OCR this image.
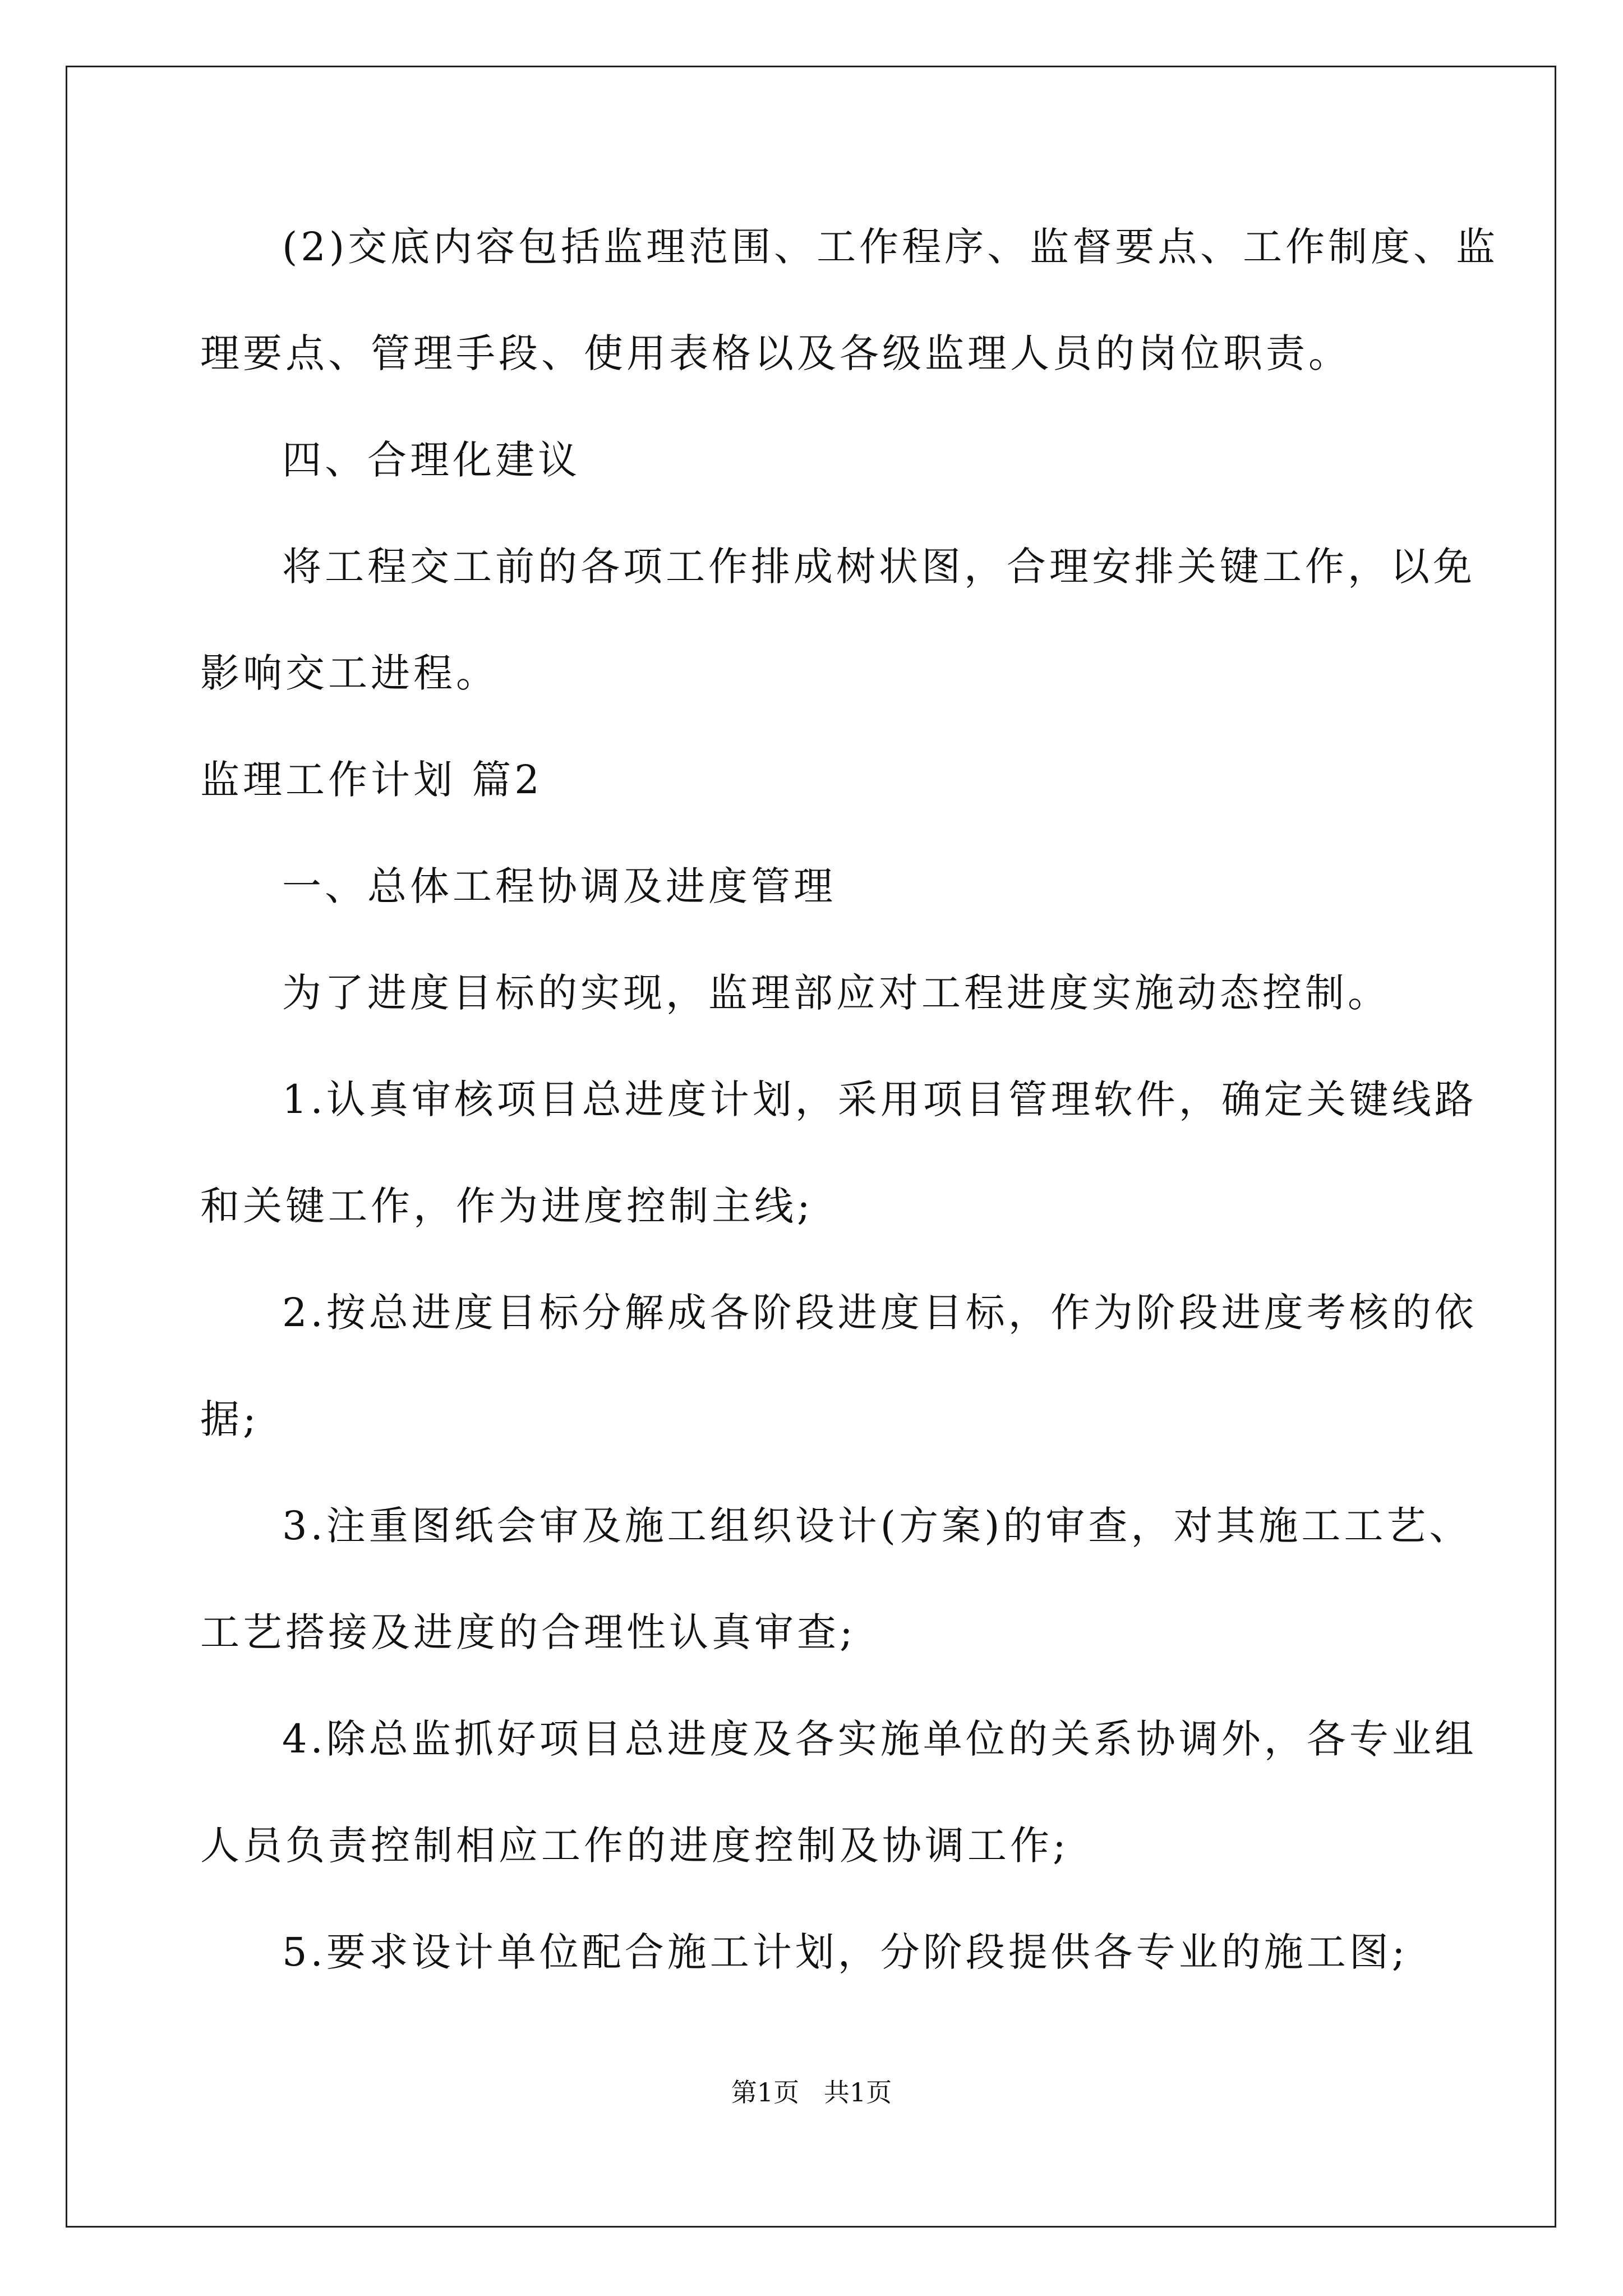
(2)交底内容包括监理范围、工作程序、监督要点、工作制度、监
理要点、管理手段、使用表格以及各级监理人员的岗位职责。
四、合理化建议
将工程交工前的各项工作排成树状图，合理安排关键工作，以免
影响交工进程。
监理工作计划 篇2
一、总体工程协调及进度管理
为了进度目标的实现，监理部应对工程进度实施动态控制。
1.认真审核项目总进度计划，采用项目管理软件，确定关键线路
和关键工作，作为进度控制主线;
2.按总进度目标分解成各阶段进度目标，作为阶段进度考核的依
据;
3.注重图纸会审及施工组织设计(方案)的审查，对其施工工艺、
工艺搭接及进度的合理性认真审查;
4.除总监抓好项目总进度及各实施单位的关系协调外，各专业组
人员负责控制相应工作的进度控制及协调工作;
5.要求设计单位配合施工计划，分阶段提供各专业的施工图;
第1页   共1页
